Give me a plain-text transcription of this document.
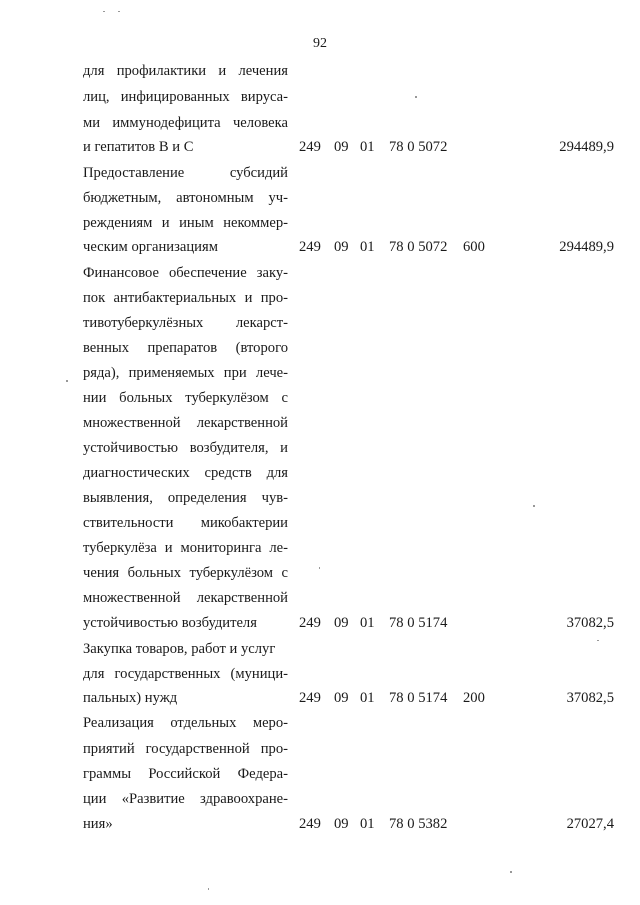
92
для профилактики и лечения
лиц, инфицированных вируса-
ми иммунодефицита человека
и гепатитов В и С	249 09 01 78 0 5072	294489,9
Предоставление субсидий
бюджетным, автономным уч-
реждениям и иным некоммер-
ческим организациям	249 09 01 78 0 5072 600	294489,9
Финансовое обеспечение заку-
пок антибактериальных и про-
тивотуберкулёзных лекарст-
венных препаратов (второго
ряда), применяемых при лече-
нии больных туберкулёзом с
множественной лекарственной
устойчивостью возбудителя, и
диагностических средств для
выявления, определения чув-
ствительности микобактерии
туберкулёза и мониторинга ле-
чения больных туберкулёзом с
множественной лекарственной
устойчивостью возбудителя	249 09 01 78 0 5174	37082,5
Закупка товаров, работ и услуг
для государственных (муници-
пальных) нужд	249 09 01 78 0 5174 200	37082,5
Реализация отдельных меро-
приятий государственной про-
граммы Российской Федера-
ции «Развитие здравоохране-
ния»	249 09 01 78 0 5382	27027,4
